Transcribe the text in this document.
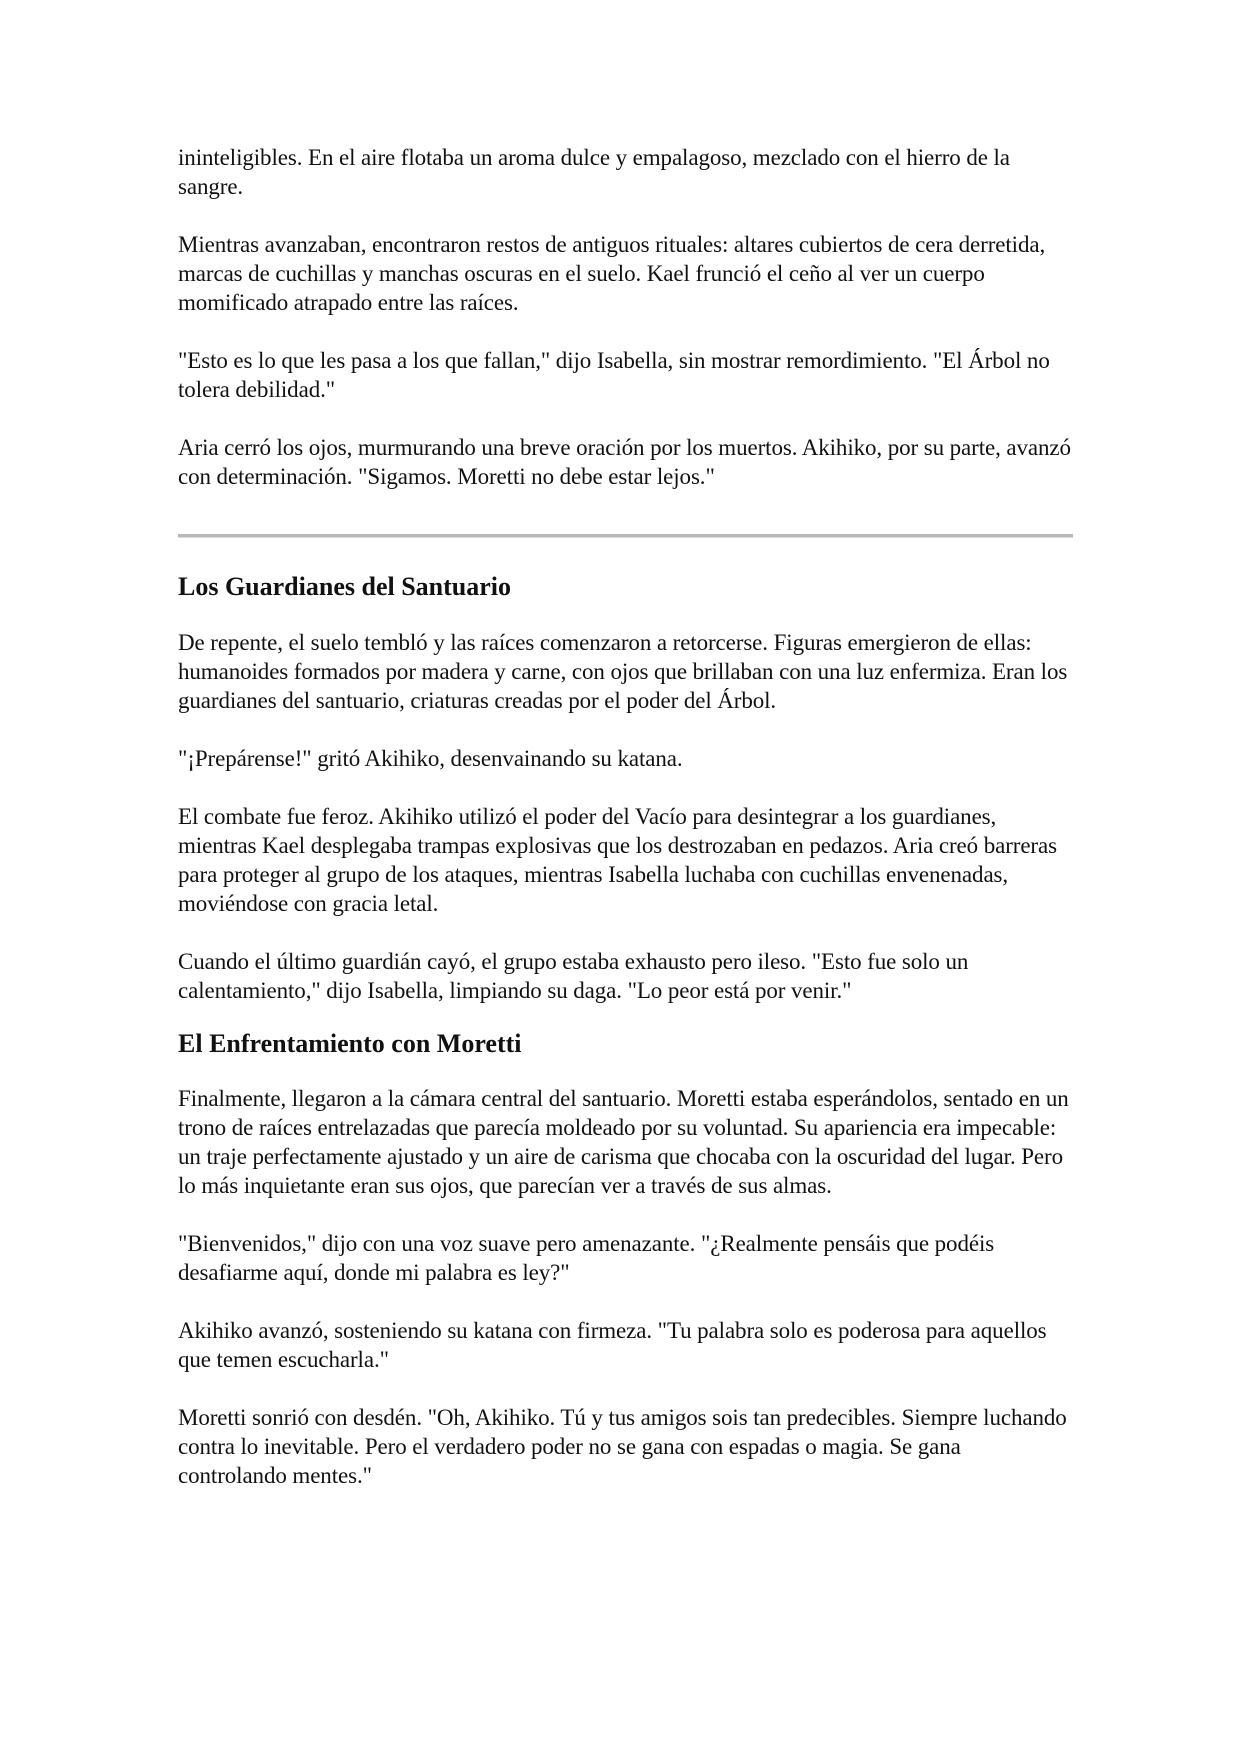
ininteligibles. En el aire flotaba un aroma dulce y empalagoso, mezclado con el hierro de la sangre.

Mientras avanzaban, encontraron restos de antiguos rituales: altares cubiertos de cera derretida, marcas de cuchillas y manchas oscuras en el suelo. Kael frunció el ceño al ver un cuerpo momificado atrapado entre las raíces.

"Esto es lo que les pasa a los que fallan," dijo Isabella, sin mostrar remordimiento. "El Árbol no tolera debilidad."

Aria cerró los ojos, murmurando una breve oración por los muertos. Akihiko, por su parte, avanzó con determinación. "Sigamos. Moretti no debe estar lejos."

Los Guardianes del Santuario

De repente, el suelo tembló y las raíces comenzaron a retorcerse. Figuras emergieron de ellas: humanoides formados por madera y carne, con ojos que brillaban con una luz enfermiza. Eran los guardianes del santuario, criaturas creadas por el poder del Árbol.

"¡Prepárense!" gritó Akihiko, desenvainando su katana.

El combate fue feroz. Akihiko utilizó el poder del Vacío para desintegrar a los guardianes, mientras Kael desplegaba trampas explosivas que los destrozaban en pedazos. Aria creó barreras para proteger al grupo de los ataques, mientras Isabella luchaba con cuchillas envenenadas, moviéndose con gracia letal.

Cuando el último guardián cayó, el grupo estaba exhausto pero ileso. "Esto fue solo un calentamiento," dijo Isabella, limpiando su daga. "Lo peor está por venir."

El Enfrentamiento con Moretti

Finalmente, llegaron a la cámara central del santuario. Moretti estaba esperándolos, sentado en un trono de raíces entrelazadas que parecía moldeado por su voluntad. Su apariencia era impecable: un traje perfectamente ajustado y un aire de carisma que chocaba con la oscuridad del lugar. Pero lo más inquietante eran sus ojos, que parecían ver a través de sus almas.

"Bienvenidos," dijo con una voz suave pero amenazante. "¿Realmente pensáis que podéis desafiarme aquí, donde mi palabra es ley?"

Akihiko avanzó, sosteniendo su katana con firmeza. "Tu palabra solo es poderosa para aquellos que temen escucharla."

Moretti sonrió con desdén. "Oh, Akihiko. Tú y tus amigos sois tan predecibles. Siempre luchando contra lo inevitable. Pero el verdadero poder no se gana con espadas o magia. Se gana controlando mentes."
